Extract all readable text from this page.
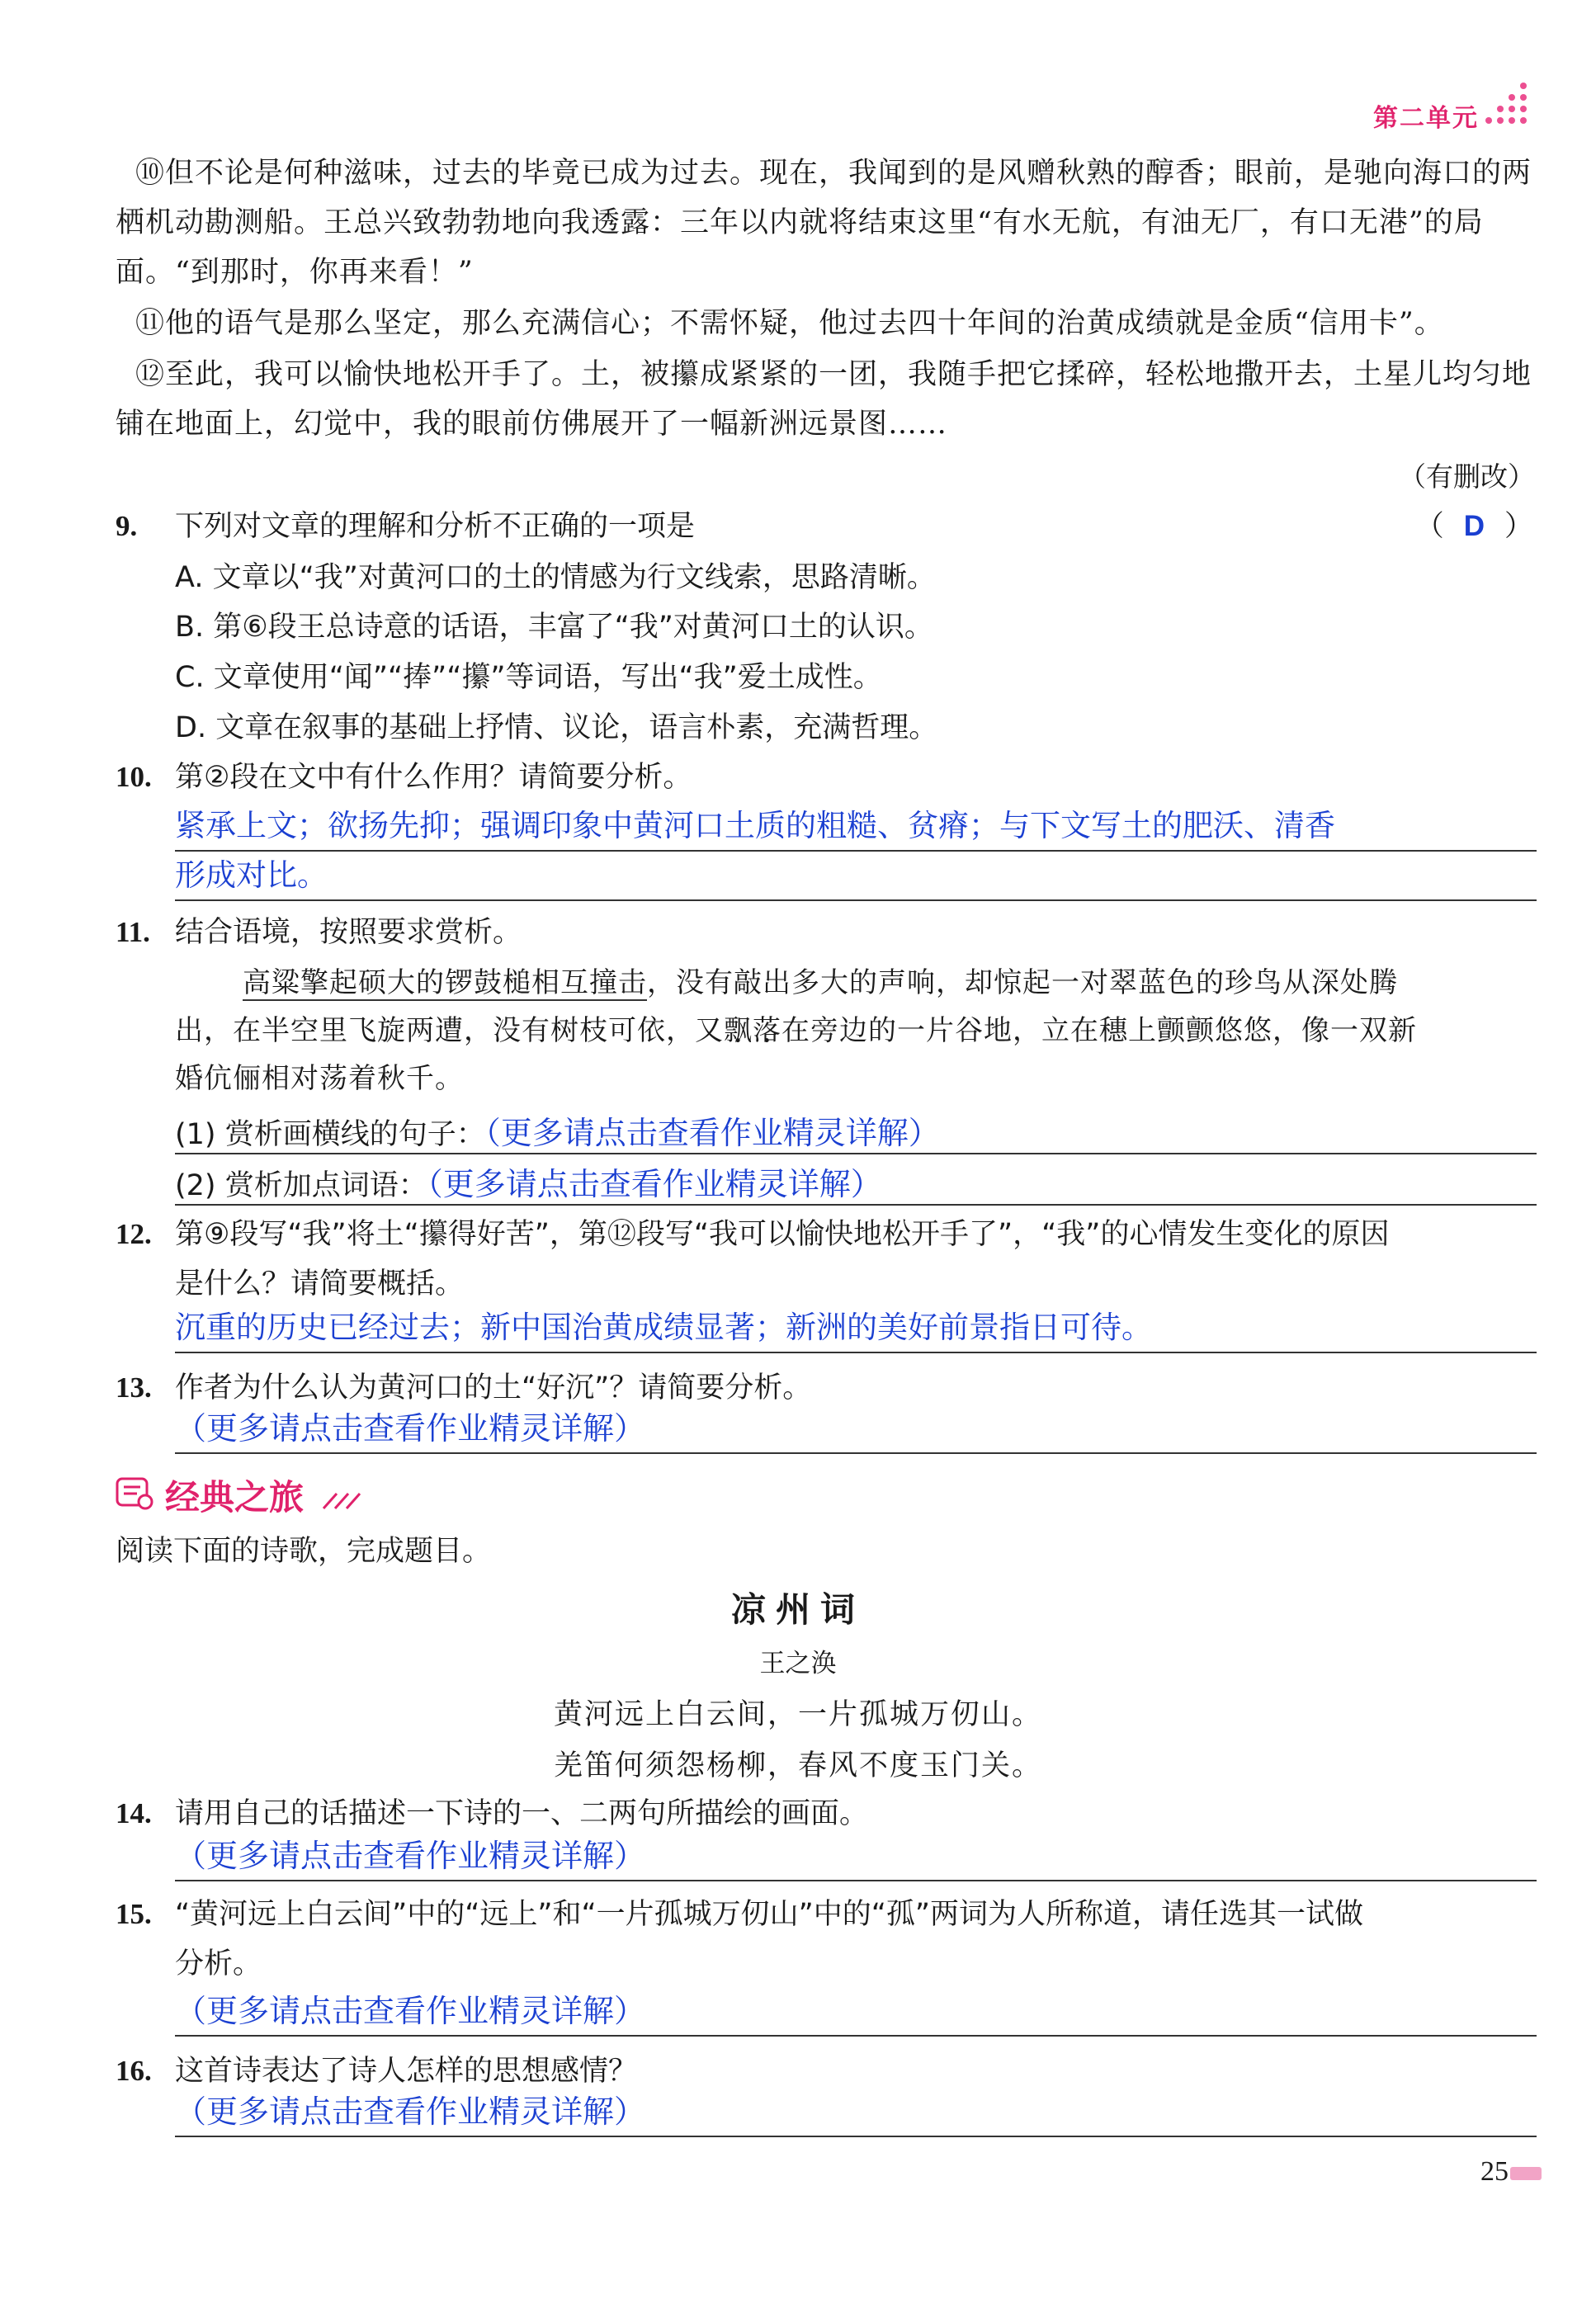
第二单元
⑩但不论是何种滋味，过去的毕竟已成为过去。现在，我闻到的是风赠秋熟的醇香；眼前，是驰向海口的两栖机动勘测船。王总兴致勃勃地向我透露：三年以内就将结束这里“有水无航，有油无厂，有口无港”的局面。“到那时，你再来看！”
⑪他的语气是那么坚定，那么充满信心；不需怀疑，他过去四十年间的治黄成绩就是金质“信用卡”。
⑫至此，我可以愉快地松开手了。土，被攥成紧紧的一团，我随手把它揉碎，轻松地撒开去，土星儿均匀地铺在地面上，幻觉中，我的眼前仿佛展开了一幅新洲远景图……
（有删改）
9. 下列对文章的理解和分析不正确的一项是	（ D ）
A. 文章以“我”对黄河口的土的情感为行文线索，思路清晰。
B. 第⑥段王总诗意的话语，丰富了“我”对黄河口土的认识。
C. 文章使用“闻”“捧”“攥”等词语，写出“我”爱土成性。
D. 文章在叙事的基础上抒情、议论，语言朴素，充满哲理。
10. 第②段在文中有什么作用？请简要分析。
紧承上文；欲扬先抑；强调印象中黄河口土质的粗糙、贫瘠；与下文写土的肥沃、清香
形成对比。
11. 结合语境，按照要求赏析。
高粱擎起硕大的锣鼓槌相互撞击，没有敲出多大的声响，却惊起一对翠蓝色的珍鸟从深处腾
出，在半空里飞旋两遭，没有树枝可依，又飘落在旁边的一片谷地，立在穗上颤颤悠悠，像一双新
婚伉俪相对荡着秋千。
(1) 赏析画横线的句子：（更多请点击查看作业精灵详解）
(2) 赏析加点词语：（更多请点击查看作业精灵详解）
12. 第⑨段写“我”将土“攥得好苦”，第⑫段写“我可以愉快地松开手了”，“我”的心情发生变化的原因
是什么？请简要概括。
沉重的历史已经过去；新中国治黄成绩显著；新洲的美好前景指日可待。
13. 作者为什么认为黄河口的土“好沉”？请简要分析。
（更多请点击查看作业精灵详解）
经典之旅
阅读下面的诗歌，完成题目。
凉州词
王之涣
黄河远上白云间，一片孤城万仞山。
羌笛何须怨杨柳，春风不度玉门关。
14. 请用自己的话描述一下诗的一、二两句所描绘的画面。
（更多请点击查看作业精灵详解）
15. “黄河远上白云间”中的“远上”和“一片孤城万仞山”中的“孤”两词为人所称道，请任选其一试做
分析。
（更多请点击查看作业精灵详解）
16. 这首诗表达了诗人怎样的思想感情？
（更多请点击查看作业精灵详解）
25
